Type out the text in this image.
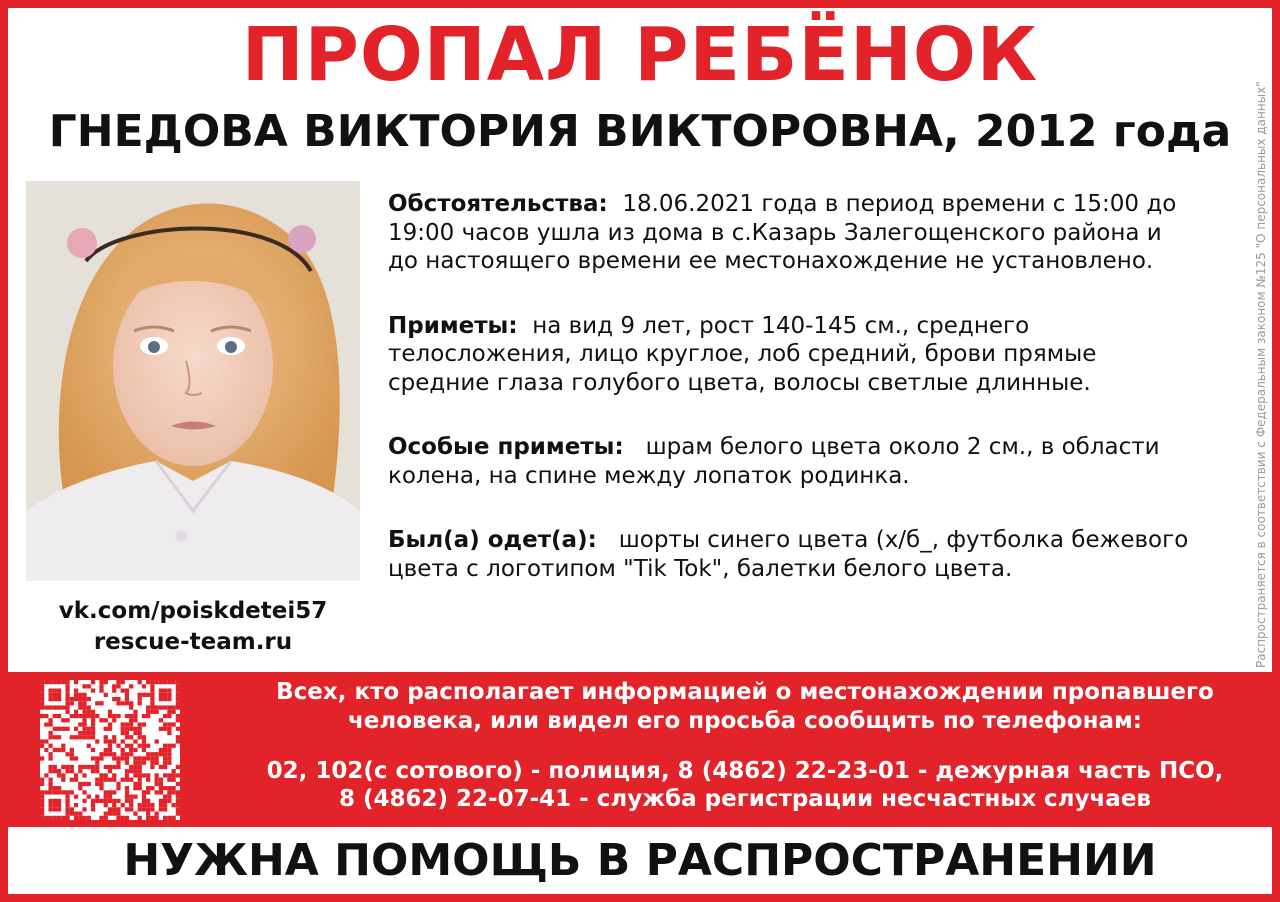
ПРОПАЛ РЕБЁНОК
ГНЕДОВА ВИКТОРИЯ ВИКТОРОВНА, 2012 года
vk.com/poiskdetei57
rescue-team.ru

Обстоятельства: 18.06.2021 года в период времени с 15:00 до
19:00 часов ушла из дома в с.Казарь Залегощенского района и
до настоящего времени ее местонахождение не установлено.

Приметы: на вид 9 лет, рост 140-145 см., среднего
телосложения, лицо круглое, лоб средний, брови прямые
средние глаза голубого цвета, волосы светлые длинные.

Особые приметы: шрам белого цвета около 2 см., в области
колена, на спине между лопаток родинка.

Был(а) одет(а): шорты синего цвета (х/б_, футболка бежевого
цвета с логотипом "Tik Tok", балетки белого цвета.	Распространяется в соответствии с Федеральным законом №125 "О персональных данных"
Всех, кто располагает информацией о местонахождении пропавшего
человека, или видел его просьба сообщить по телефонам:
02, 102(с сотового) - полиция, 8 (4862) 22-23-01 - дежурная часть ПСО,
8 (4862) 22-07-41 - служба регистрации несчастных случаев
НУЖНА ПОМОЩЬ В РАСПРОСТРАНЕНИИ
